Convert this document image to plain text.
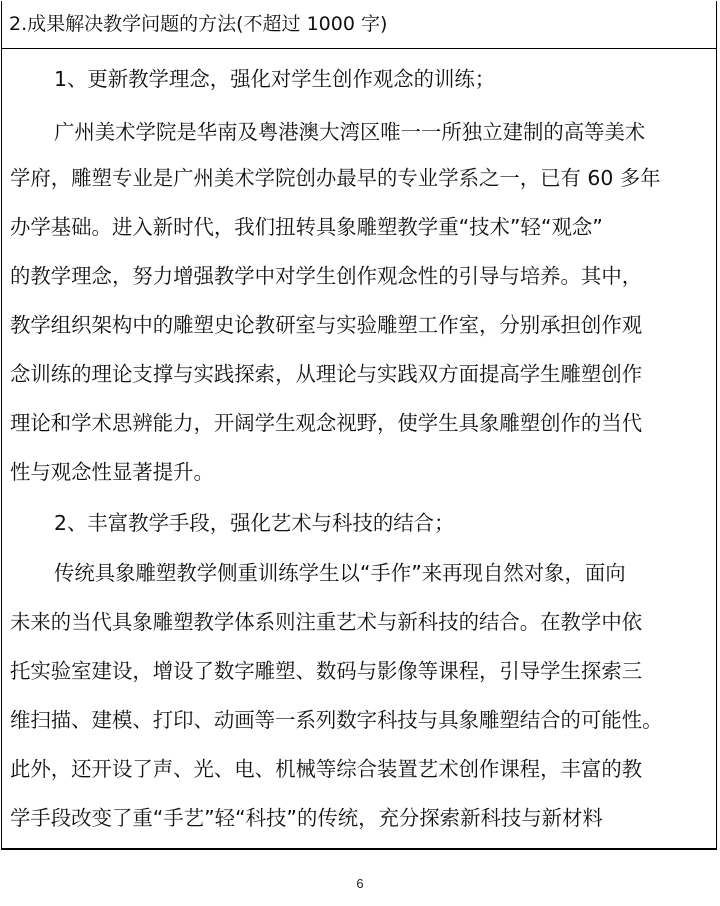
2.成果解决教学问题的方法(不超过 1000 字)
1、更新教学理念，强化对学生创作观念的训练；
广州美术学院是华南及粤港澳大湾区唯一一所独立建制的高等美术
学府，雕塑专业是广州美术学院创办最早的专业学系之一，已有 60 多年
办学基础。进入新时代，我们扭转具象雕塑教学重“技术”轻“观念”
的教学理念，努力增强教学中对学生创作观念性的引导与培养。其中，
教学组织架构中的雕塑史论教研室与实验雕塑工作室，分别承担创作观
念训练的理论支撑与实践探索，从理论与实践双方面提高学生雕塑创作
理论和学术思辨能力，开阔学生观念视野，使学生具象雕塑创作的当代
性与观念性显著提升。
2、丰富教学手段，强化艺术与科技的结合；
传统具象雕塑教学侧重训练学生以“手作”来再现自然对象，面向
未来的当代具象雕塑教学体系则注重艺术与新科技的结合。在教学中依
托实验室建设，增设了数字雕塑、数码与影像等课程，引导学生探索三
维扫描、建模、打印、动画等一系列数字科技与具象雕塑结合的可能性。
此外，还开设了声、光、电、机械等综合装置艺术创作课程，丰富的教
学手段改变了重“手艺”轻“科技”的传统，充分探索新科技与新材料
6
